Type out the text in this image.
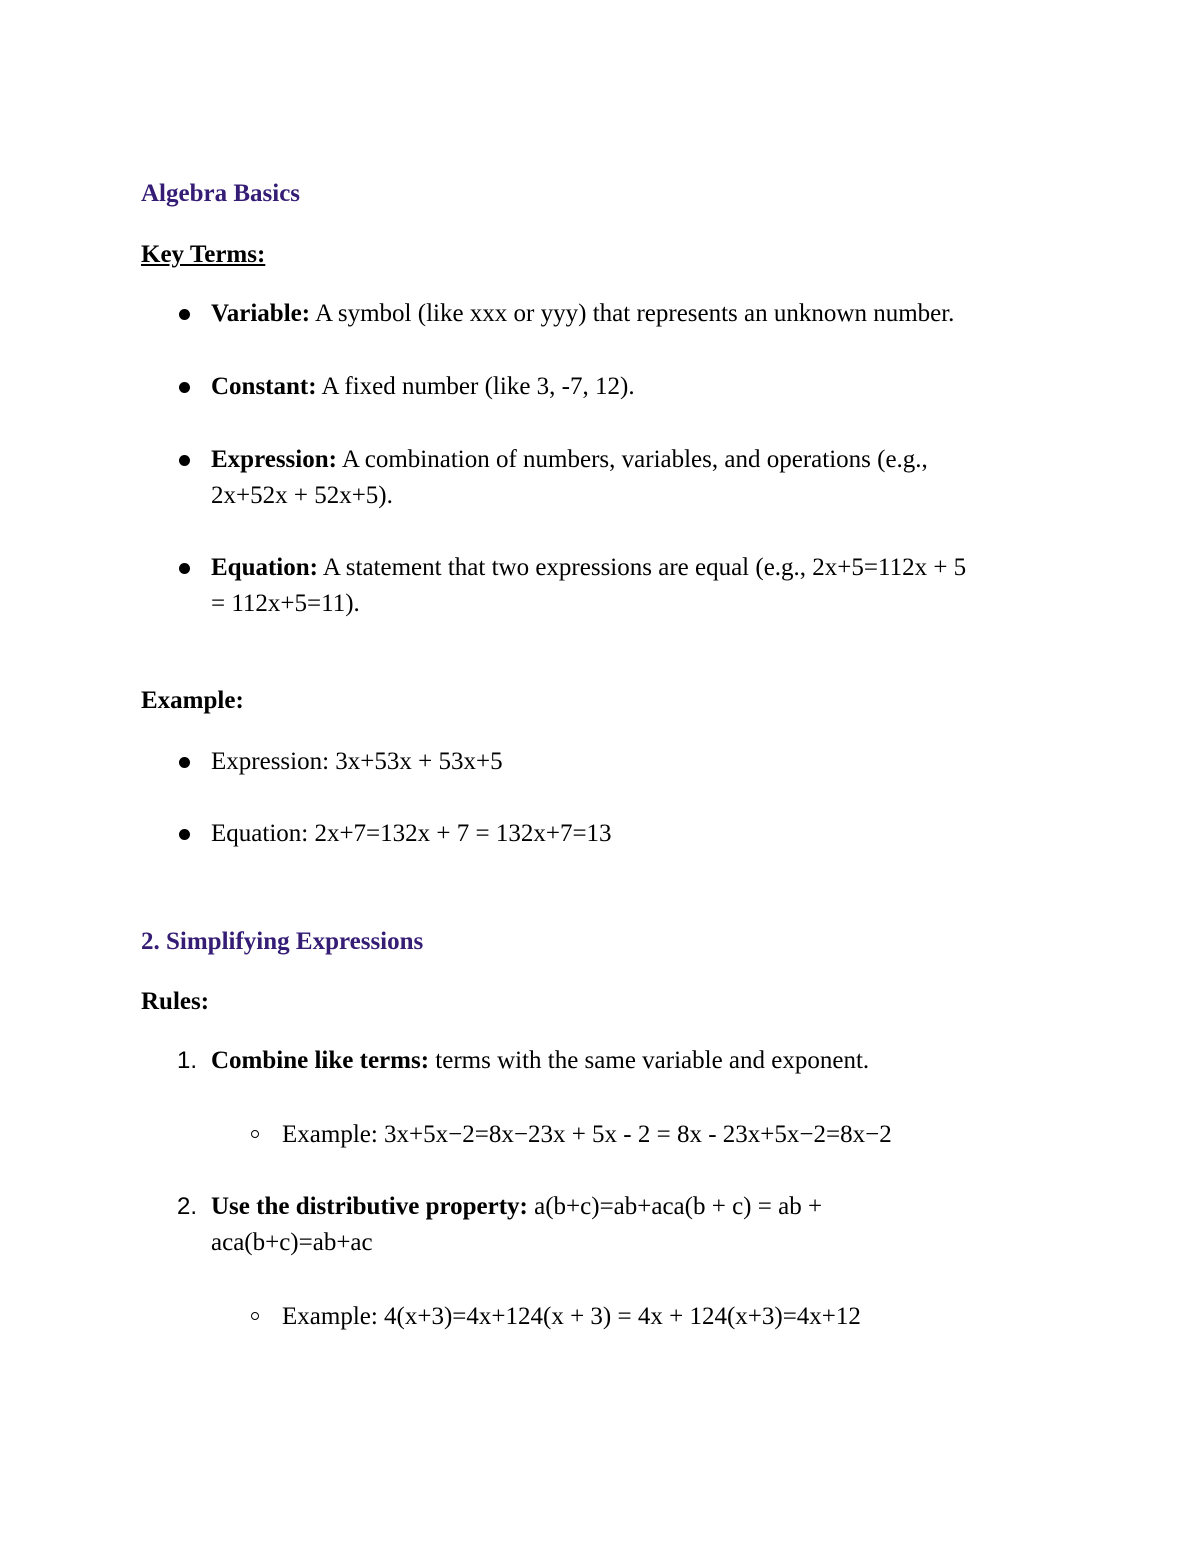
Algebra Basics
Key Terms:
Variable: A symbol (like xxx or yyy) that represents an unknown number.
Constant: A fixed number (like 3, -7, 12).
Expression: A combination of numbers, variables, and operations (e.g.,
2x+52x + 52x+5).
Equation: A statement that two expressions are equal (e.g., 2x+5=112x + 5
= 112x+5=11).
Example:
Expression: 3x+53x + 53x+5
Equation: 2x+7=132x + 7 = 132x+7=13
2. Simplifying Expressions
Rules:
1. Combine like terms: terms with the same variable and exponent.
Example: 3x+5x−2=8x−23x + 5x - 2 = 8x - 23x+5x−2=8x−2
2. Use the distributive property: a(b+c)=ab+aca(b + c) = ab +
aca(b+c)=ab+ac
Example: 4(x+3)=4x+124(x + 3) = 4x + 124(x+3)=4x+12
